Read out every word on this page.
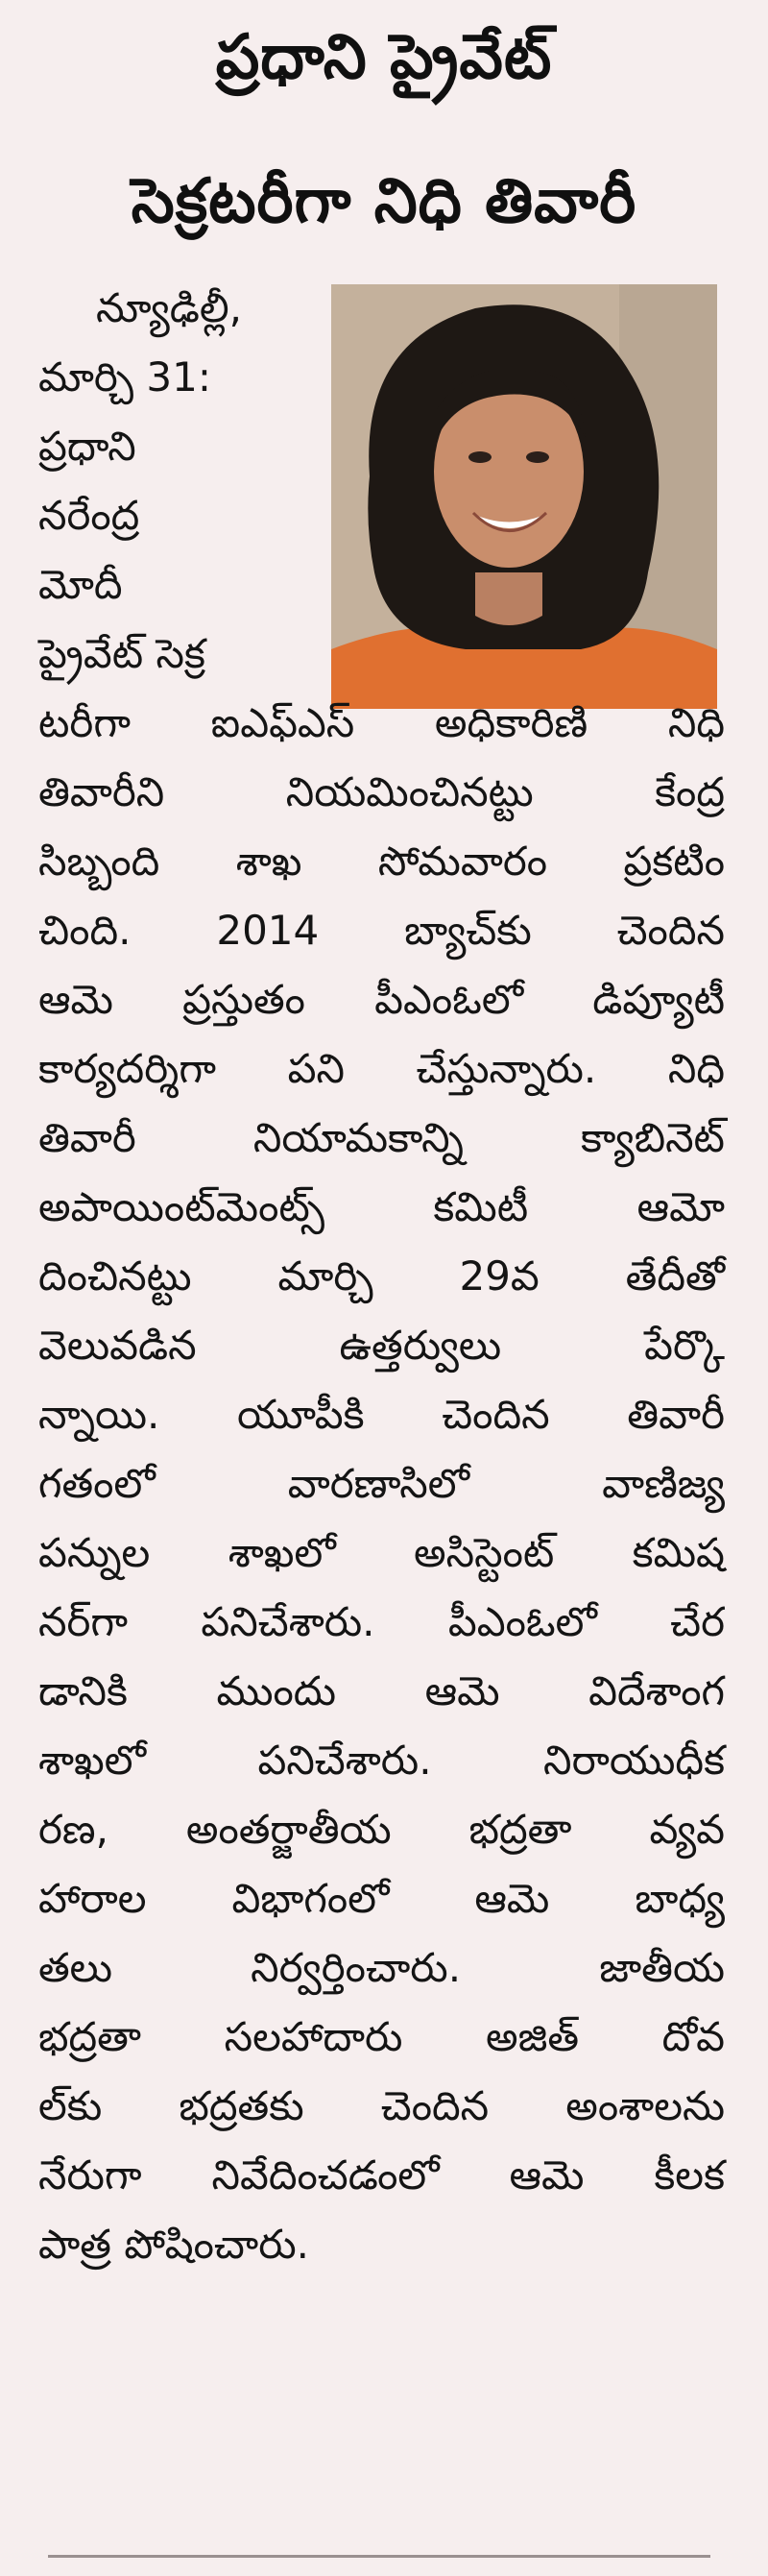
ప్రధాని ప్రైవేట్
సెక్రటరీగా నిధి తివారీ
న్యూఢిల్లీ,
మార్చి 31:
ప్రధాని
నరేంద్ర
మోదీ
ప్రైవేట్ సెక్ర
టరీగా ఐఎఫ్ఎస్ అధికారిణి నిధి
తివారీని నియమించినట్టు కేంద్ర
సిబ్బంది శాఖ సోమవారం ప్రకటిం
చింది. 2014 బ్యాచ్‌కు చెందిన
ఆమె ప్రస్తుతం పీఎంఓలో డిప్యూటీ
కార్యదర్శిగా పని చేస్తున్నారు. నిధి
తివారీ నియామకాన్ని క్యాబినెట్
అపాయింట్‌మెంట్స్ కమిటీ ఆమో
దించినట్టు మార్చి 29వ తేదీతో
వెలువడిన ఉత్తర్వులు పేర్కొ
న్నాయి. యూపీకి చెందిన తివారీ
గతంలో వారణాసిలో వాణిజ్య
పన్నుల శాఖలో అసిస్టెంట్ కమిష
నర్‌గా పనిచేశారు. పీఎంఓలో చేర
డానికి ముందు ఆమె విదేశాంగ
శాఖలో పనిచేశారు. నిరాయుధీక
రణ, అంతర్జాతీయ భద్రతా వ్యవ
హారాల విభాగంలో ఆమె బాధ్య
తలు నిర్వర్తించారు. జాతీయ
భద్రతా సలహాదారు అజిత్ దోవ
ల్‌కు భద్రతకు చెందిన అంశాలను
నేరుగా నివేదించడంలో ఆమె కీలక
పాత్ర పోషించారు.
